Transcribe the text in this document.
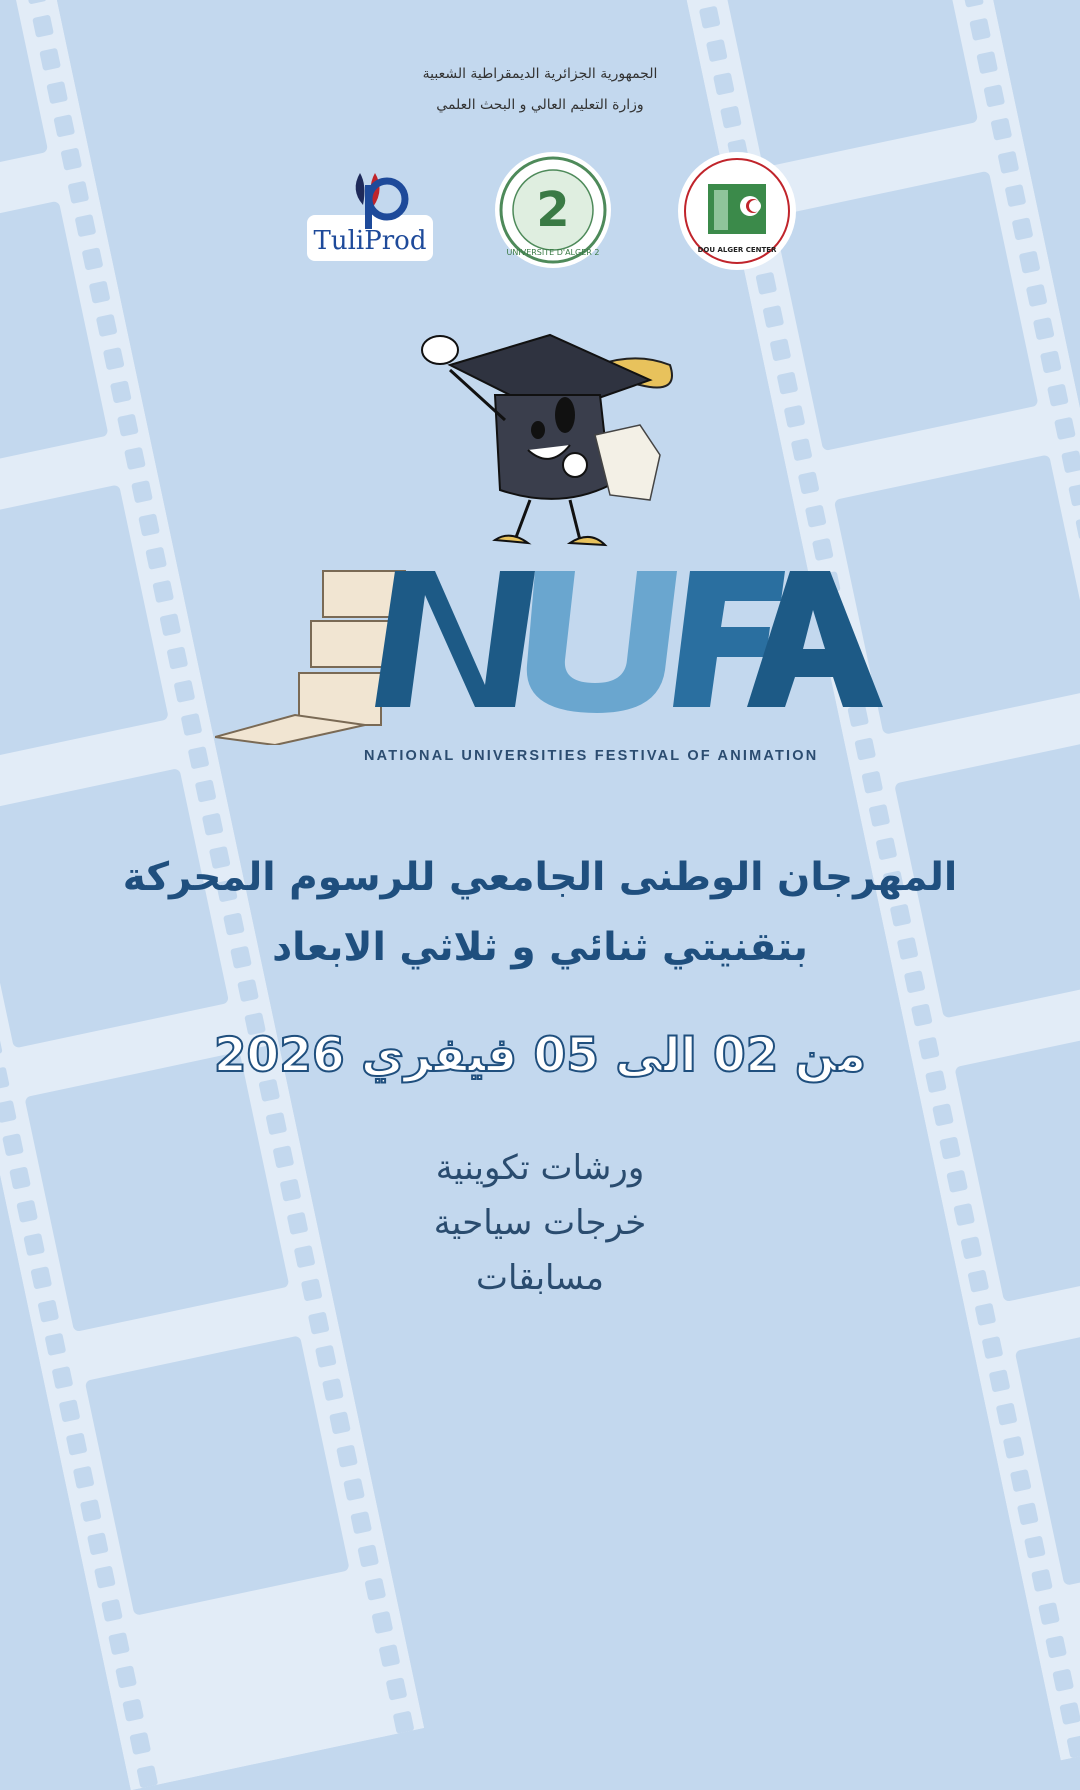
الجمهورية الجزائرية الديمقراطية الشعبية
وزارة التعليم العالي و البحث العلمي
TuliProd
2
UNIVERSITE D'ALGER 2	DOU ALGER CENTER
NATIONAL UNIVERSITIES FESTIVAL OF ANIMATION
المهرجان الوطنى الجامعي للرسوم المحركة
بتقنيتي ثنائي و ثلاثي الابعاد
من 02 الى 05 فيفري 2026
ورشات تكوينية
خرجات سياحية
مسابقات
